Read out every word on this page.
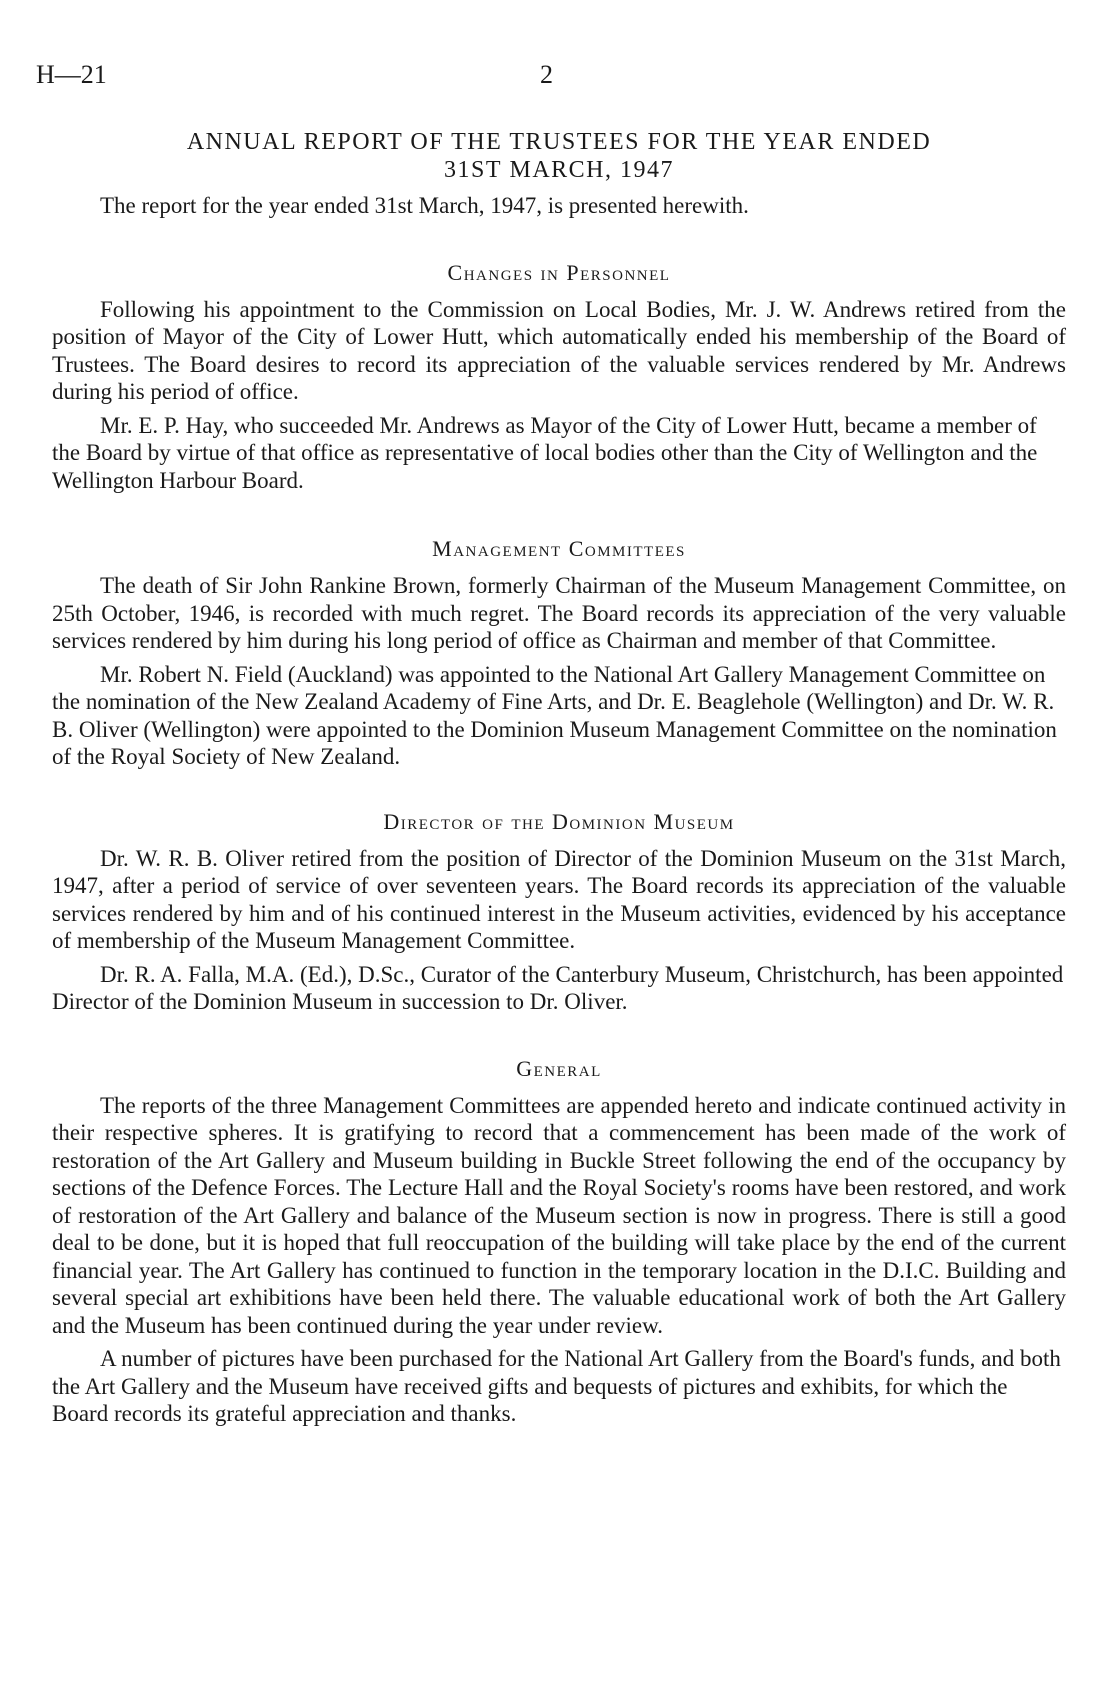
H—21	2
ANNUAL REPORT OF THE TRUSTEES FOR THE YEAR ENDED
31ST MARCH, 1947

The report for the year ended 31st March, 1947, is presented herewith.

Changes in Personnel

Following his appointment to the Commission on Local Bodies, Mr. J. W. Andrews retired from the position of Mayor of the City of Lower Hutt, which automatically ended his membership of the Board of Trustees. The Board desires to record its appreciation of the valuable services rendered by Mr. Andrews during his period of office.

Mr. E. P. Hay, who succeeded Mr. Andrews as Mayor of the City of Lower Hutt, became a member of the Board by virtue of that office as representative of local bodies other than the City of Wellington and the Wellington Harbour Board.

Management Committees

The death of Sir John Rankine Brown, formerly Chairman of the Museum Management Committee, on 25th October, 1946, is recorded with much regret. The Board records its appreciation of the very valuable services rendered by him during his long period of office as Chairman and member of that Committee.

Mr. Robert N. Field (Auckland) was appointed to the National Art Gallery Management Committee on the nomination of the New Zealand Academy of Fine Arts, and Dr. E. Beaglehole (Wellington) and Dr. W. R. B. Oliver (Wellington) were appointed to the Dominion Museum Management Committee on the nomination of the Royal Society of New Zealand.

Director of the Dominion Museum

Dr. W. R. B. Oliver retired from the position of Director of the Dominion Museum on the 31st March, 1947, after a period of service of over seventeen years. The Board records its appreciation of the valuable services rendered by him and of his continued interest in the Museum activities, evidenced by his acceptance of membership of the Museum Management Committee.

Dr. R. A. Falla, M.A. (Ed.), D.Sc., Curator of the Canterbury Museum, Christchurch, has been appointed Director of the Dominion Museum in succession to Dr. Oliver.

General

The reports of the three Management Committees are appended hereto and indicate continued activity in their respective spheres. It is gratifying to record that a commencement has been made of the work of restoration of the Art Gallery and Museum building in Buckle Street following the end of the occupancy by sections of the Defence Forces. The Lecture Hall and the Royal Society's rooms have been restored, and work of restoration of the Art Gallery and balance of the Museum section is now in progress. There is still a good deal to be done, but it is hoped that full reoccupation of the building will take place by the end of the current financial year. The Art Gallery has continued to function in the temporary location in the D.I.C. Building and several special art exhibitions have been held there. The valuable educational work of both the Art Gallery and the Museum has been continued during the year under review.

A number of pictures have been purchased for the National Art Gallery from the Board's funds, and both the Art Gallery and the Museum have received gifts and bequests of pictures and exhibits, for which the Board records its grateful appreciation and thanks.
